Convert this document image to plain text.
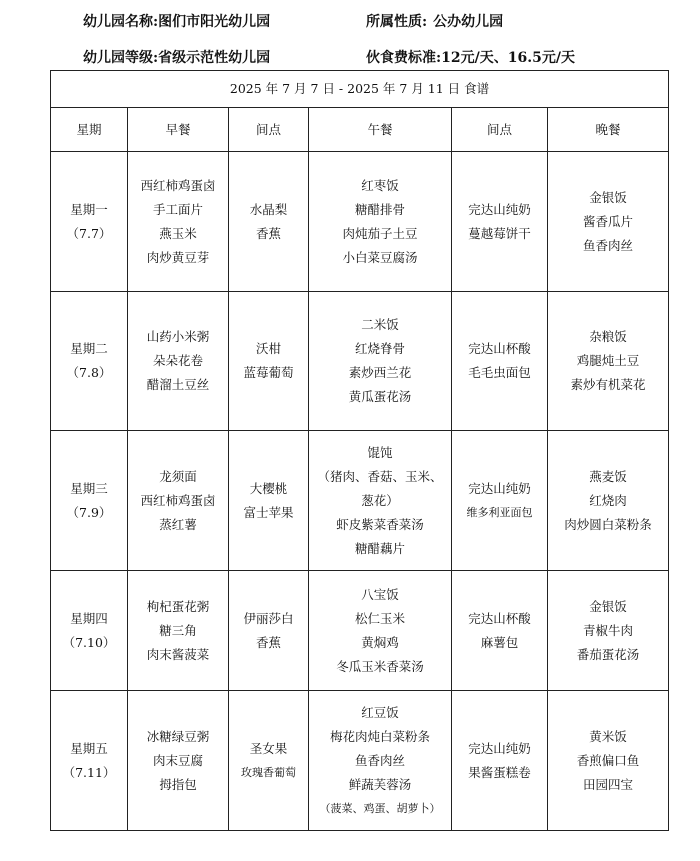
幼儿园名称:图们市阳光幼儿园	所属性质: 公办幼儿园
幼儿园等级:省级示范性幼儿园	伙食费标准:12元/天、16.5元/天
2025 年 7 月 7 日 - 2025 年 7 月 11 日 食谱					
星期	早餐	间点	午餐	间点	晚餐

星期一
（7.7）	西红柿鸡蛋卤
手工面片
燕玉米
肉炒黄豆芽	水晶梨
香蕉	红枣饭
糖醋排骨
肉炖茄子土豆
小白菜豆腐汤	完达山纯奶
蔓越莓饼干	金银饭
酱香瓜片
鱼香肉丝

星期二
（7.8）	山药小米粥
朵朵花卷
醋溜土豆丝	沃柑
蓝莓葡萄	二米饭
红烧脊骨
素炒西兰花
黄瓜蛋花汤	完达山杯酸
毛毛虫面包	杂粮饭
鸡腿炖土豆
素炒有机菜花

星期三
（7.9）	龙须面
西红柿鸡蛋卤
蒸红薯	大樱桃
富士苹果	馄饨
（猪肉、香菇、玉米、
葱花）
虾皮紫菜香菜汤
糖醋藕片	完达山纯奶
维多利亚面包	燕麦饭
红烧肉
肉炒圆白菜粉条

星期四
（7.10）	枸杞蛋花粥
糖三角
肉末酱菠菜	伊丽莎白
香蕉	八宝饭
松仁玉米
黄焖鸡
冬瓜玉米香菜汤	完达山杯酸
麻薯包	金银饭
青椒牛肉
番茄蛋花汤

星期五
（7.11）	冰糖绿豆粥
肉末豆腐
拇指包	圣女果
玫瑰香葡萄	红豆饭
梅花肉炖白菜粉条
鱼香肉丝
鲜蔬芙蓉汤
（菠菜、鸡蛋、胡萝卜）	完达山纯奶
果酱蛋糕卷	黄米饭
香煎偏口鱼
田园四宝
